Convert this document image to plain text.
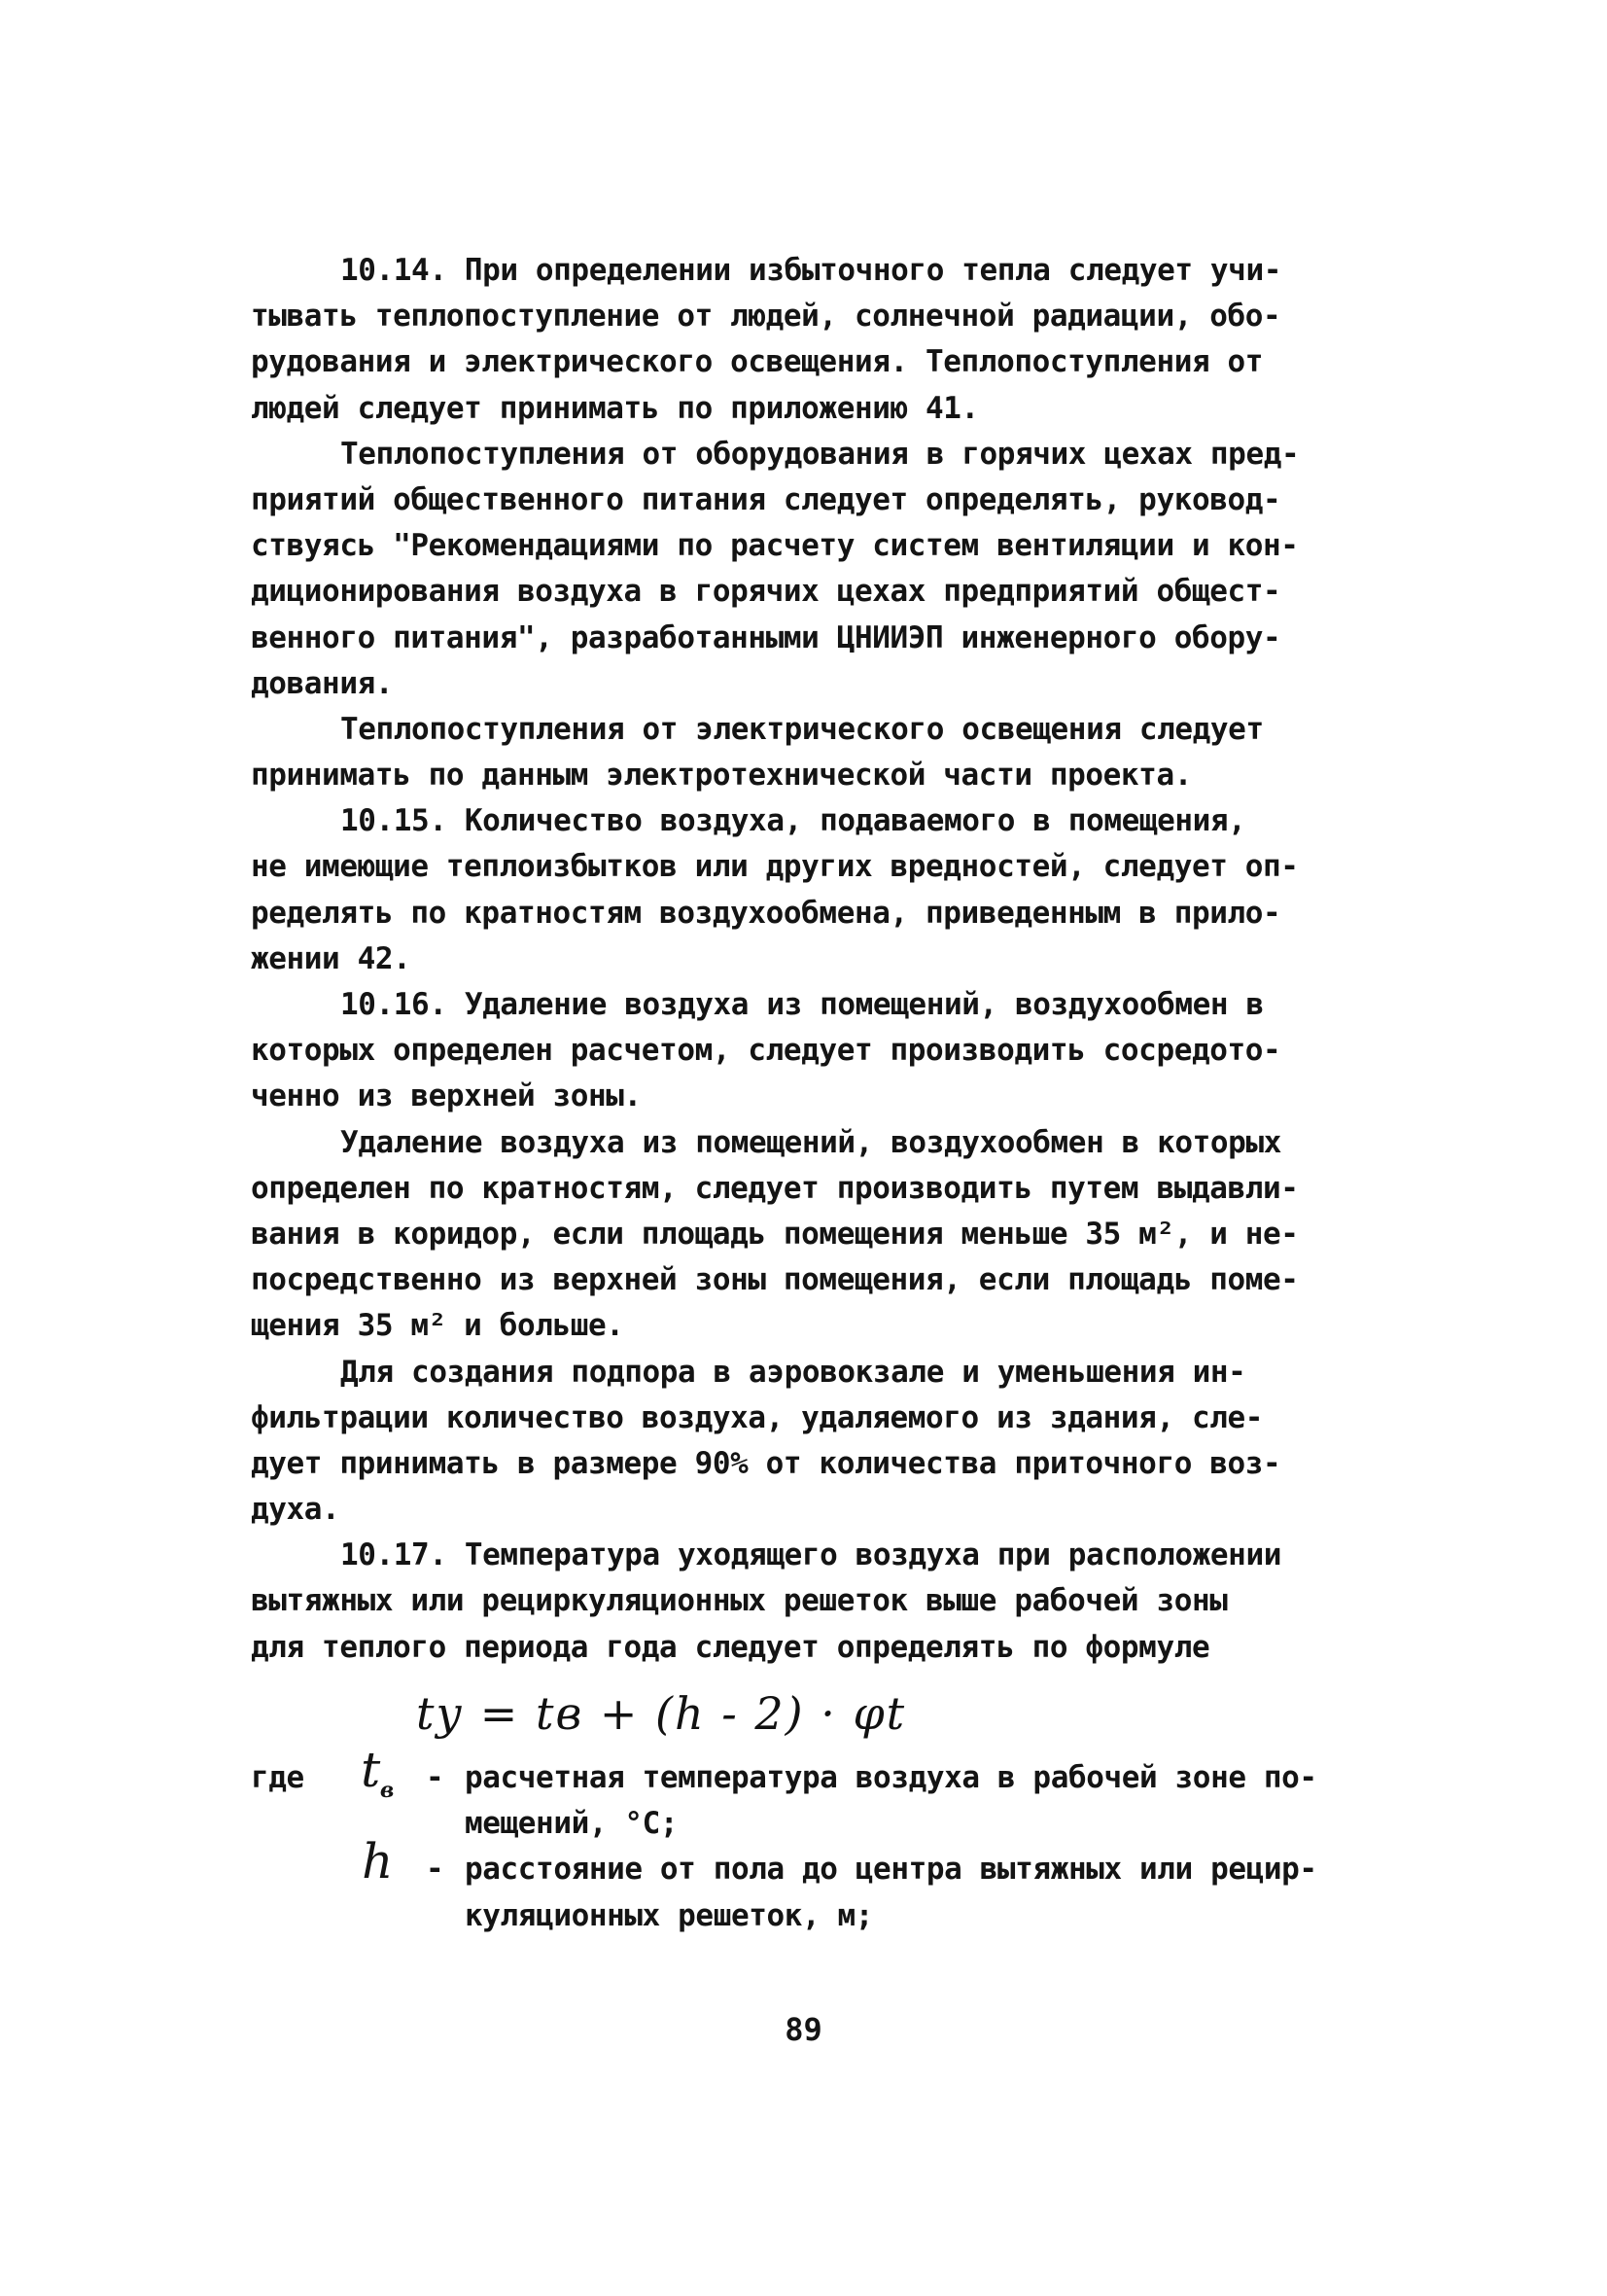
10.14. При определении избыточного тепла следует учи-
тывать теплопоступление от людей, солнечной радиации, обо-
рудования и электрического освещения. Теплопоступления от
людей следует принимать по приложению 41.
Теплопоступления от оборудования в горячих цехах пред-
приятий общественного питания следует определять, руковод-
ствуясь "Рекомендациями по расчету систем вентиляции и кон-
диционирования воздуха в горячих цехах предприятий общест-
венного питания", разработанными ЦНИИЭП инженерного обору-
дования.
Теплопоступления от электрического освещения следует
принимать по данным электротехнической части проекта.
10.15. Количество воздуха, подаваемого в помещения,
не имеющие теплоизбытков или других вредностей, следует оп-
ределять по кратностям воздухообмена, приведенным в прило-
жении 42.
10.16. Удаление воздуха из помещений, воздухообмен в
которых определен расчетом, следует производить сосредото-
ченно из верхней зоны.
Удаление воздуха из помещений, воздухообмен в которых
определен по кратностям, следует производить путем выдавли-
вания в коридор, если площадь помещения меньше 35 м², и не-
посредственно из верхней зоны помещения, если площадь поме-
щения 35 м² и больше.
Для создания подпора в аэровокзале и уменьшения ин-
фильтрации количество воздуха, удаляемого из здания, сле-
дует принимать в размере 90% от количества приточного воз-
духа.
10.17. Температура уходящего воздуха при расположении
вытяжных или рециркуляционных решеток выше рабочей зоны
для теплого периода года следует определять по формуле
tу = tв + (h - 2) · φt
где	$t_в$	- расчетная температура воздуха в рабочей зоне по-
мещений, °С;
h	- расстояние от пола до центра вытяжных или рецир-
куляционных решеток, м;
89
